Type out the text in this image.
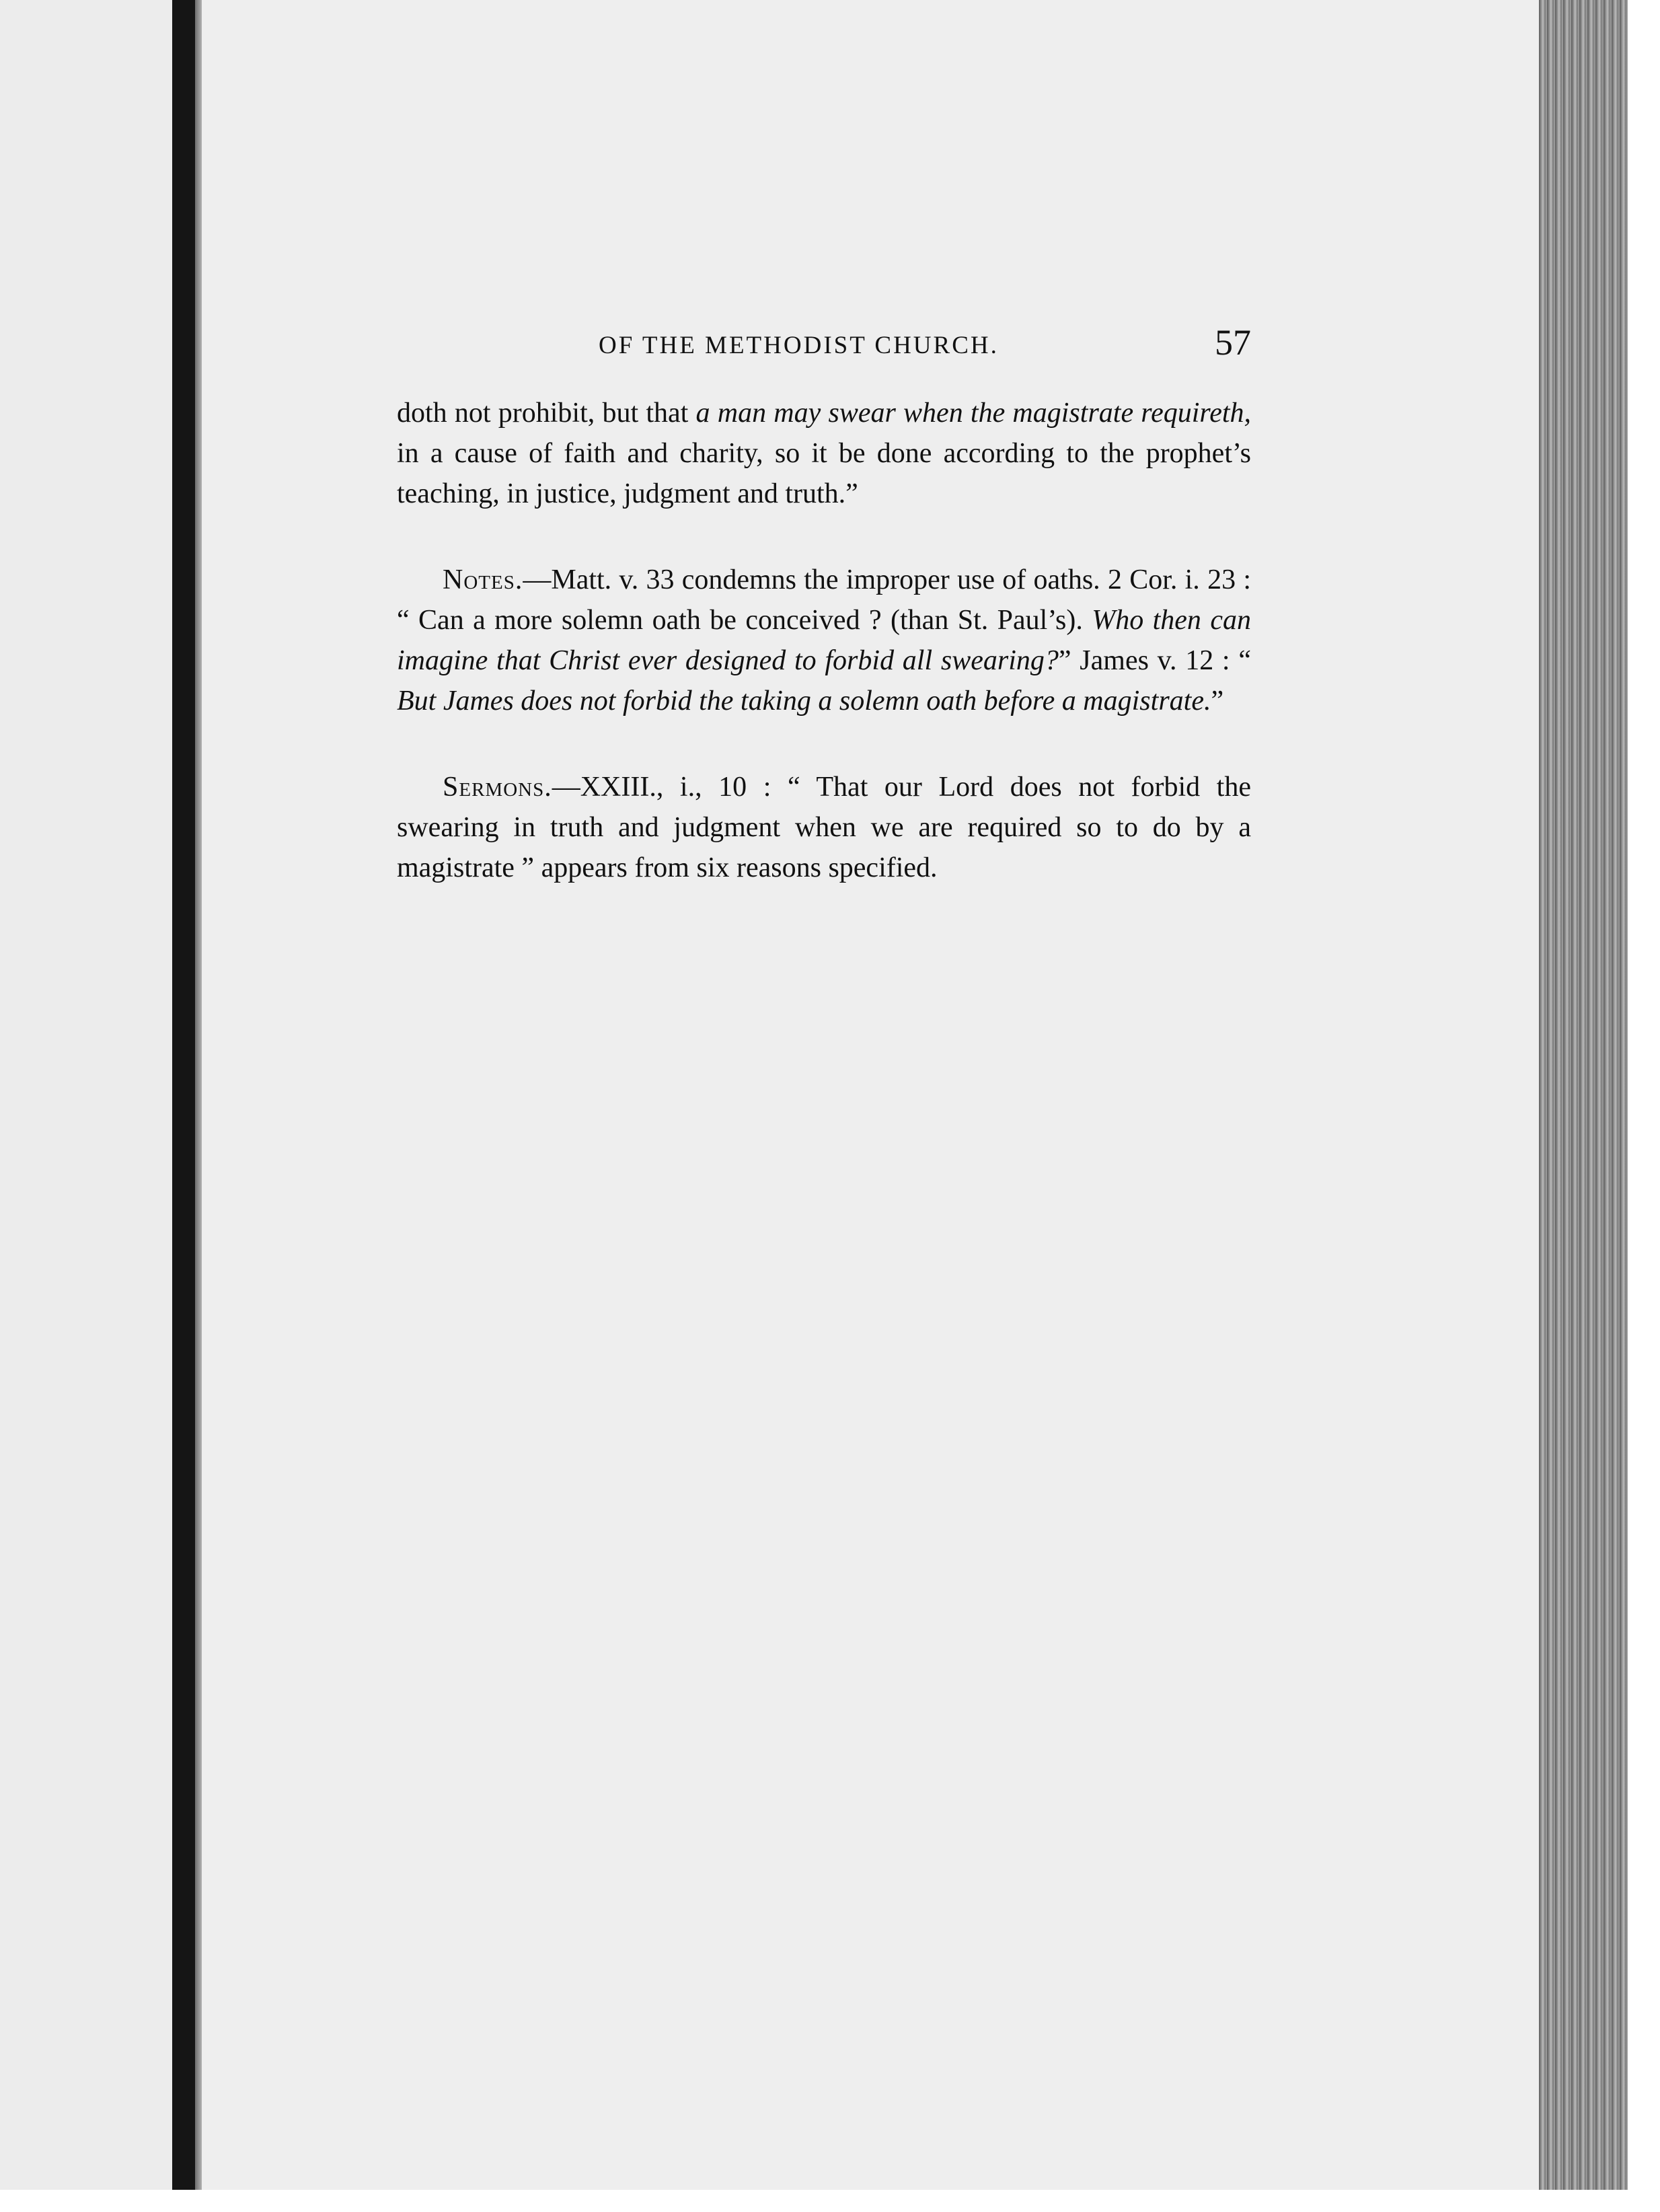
OF THE METHODIST CHURCH.	57

doth not prohibit, but that a man may swear when the magistrate requireth, in a cause of faith and charity, so it be done according to the prophet’s teaching, in justice, judgment and truth.”

Notes.—Matt. v. 33 condemns the improper use of oaths. 2 Cor. i. 23 : “ Can a more solemn oath be conceived ? (than St. Paul’s). Who then can imagine that Christ ever designed to forbid all swearing?” James v. 12 : “ But James does not forbid the taking a solemn oath before a magistrate.”

Sermons.—XXIII., i., 10 : “ That our Lord does not forbid the swearing in truth and judgment when we are required so to do by a magistrate ” appears from six reasons specified.
